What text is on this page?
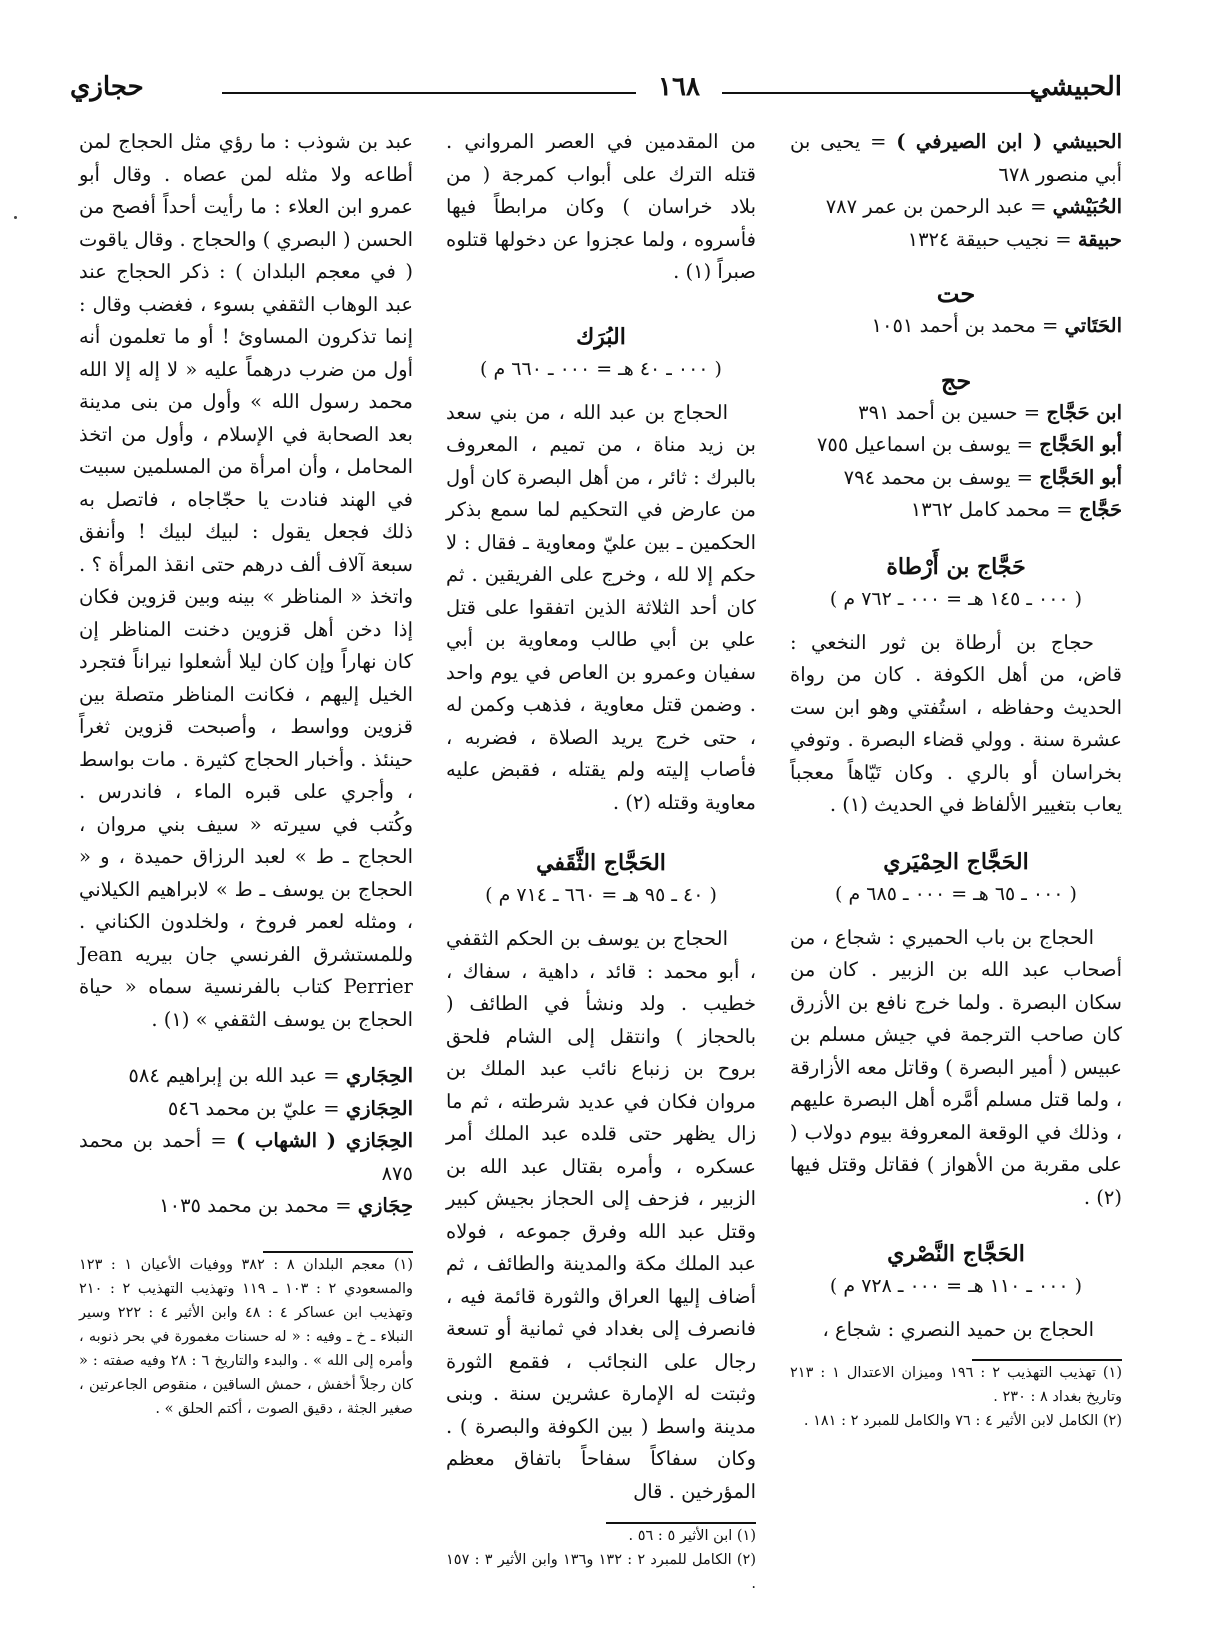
حجازي	١٦٨	الحبيشي

الحبيشي ( ابن الصيرفي ) = يحيى بن أبي منصور ٦٧٨

الحُبَيْشي = عبد الرحمن بن عمر ٧٨٧

حبيقة = نجيب حبيقة ١٣٢٤

حت

الحَتَاتي = محمد بن أحمد ١٠٥١

حج

ابن حَجَّاج = حسين بن أحمد ٣٩١

أبو الحَجَّاج = يوسف بن اسماعيل ٧٥٥

أبو الحَجَّاج = يوسف بن محمد ٧٩٤

حَجَّاج = محمد كامل ١٣٦٢

حَجَّاج بن أَرْطاة

( ٠٠٠ ـ ١٤٥ هـ = ٠٠٠ ـ ٧٦٢ م )

حجاج بن أرطاة بن ثور النخعي : قاض، من أهل الكوفة . كان من رواة الحديث وحفاظه ، استُفتي وهو ابن ست عشرة سنة . وولي قضاء البصرة . وتوفي بخراسان أو بالري . وكان تَيّاهاً معجباً يعاب بتغيير الألفاظ في الحديث (١) .

الحَجَّاج الحِمْيَري

( ٠٠٠ ـ ٦٥ هـ = ٠٠٠ ـ ٦٨٥ م )

الحجاج بن باب الحميري : شجاع ، من أصحاب عبد الله بن الزبير . كان من سكان البصرة . ولما خرج نافع بن الأزرق كان صاحب الترجمة في جيش مسلم بن عبيس ( أمير البصرة ) وقاتل معه الأزارقة ، ولما قتل مسلم أمَّره أهل البصرة عليهم ، وذلك في الوقعة المعروفة بيوم دولاب ( على مقربة من الأهواز ) فقاتل وقتل فيها (٢) .

الحَجَّاج النَّصْري

( ٠٠٠ ـ ١١٠ هـ = ٠٠٠ ـ ٧٢٨ م )

الحجاج بن حميد النصري : شجاع ،

(١) تهذيب التهذيب ٢ : ١٩٦ وميزان الاعتدال ١ : ٢١٣ وتاريخ بغداد ٨ : ٢٣٠ .

(٢) الكامل لابن الأثير ٤ : ٧٦ والكامل للمبرد ٢ : ١٨١ .

من المقدمين في العصر المرواني . قتله الترك على أبواب كمرجة ( من بلاد خراسان ) وكان مرابطاً فيها فأسروه ، ولما عجزوا عن دخولها قتلوه صبراً (١) .

البُرَك

( ٠٠٠ ـ ٤٠ هـ = ٠٠٠ ـ ٦٦٠ م )

الحجاج بن عبد الله ، من بني سعد بن زيد مناة ، من تميم ، المعروف بالبرك : ثائر ، من أهل البصرة كان أول من عارض في التحكيم لما سمع بذكر الحكمين ـ بين عليّ ومعاوية ـ فقال : لا حكم إلا لله ، وخرج على الفريقين . ثم كان أحد الثلاثة الذين اتفقوا على قتل علي بن أبي طالب ومعاوية بن أبي سفيان وعمرو بن العاص في يوم واحد . وضمن قتل معاوية ، فذهب وكمن له ، حتى خرج يريد الصلاة ، فضربه ، فأصاب إليته ولم يقتله ، فقبض عليه معاوية وقتله (٢) .

الحَجَّاج الثَّقَفي

( ٤٠ ـ ٩٥ هـ = ٦٦٠ ـ ٧١٤ م )

الحجاج بن يوسف بن الحكم الثقفي ، أبو محمد : قائد ، داهية ، سفاك ، خطيب . ولد ونشأ في الطائف ( بالحجاز ) وانتقل إلى الشام فلحق بروح بن زنباع نائب عبد الملك بن مروان فكان في عديد شرطته ، ثم ما زال يظهر حتى قلده عبد الملك أمر عسكره ، وأمره بقتال عبد الله بن الزبير ، فزحف إلى الحجاز بجيش كبير وقتل عبد الله وفرق جموعه ، فولاه عبد الملك مكة والمدينة والطائف ، ثم أضاف إليها العراق والثورة قائمة فيه ، فانصرف إلى بغداد في ثمانية أو تسعة رجال على النجائب ، فقمع الثورة وثبتت له الإمارة عشرين سنة . وبنى مدينة واسط ( بين الكوفة والبصرة ) . وكان سفاكاً سفاحاً باتفاق معظم المؤرخين . قال

(١) ابن الأثير ٥ : ٥٦ .

(٢) الكامل للمبرد ٢ : ١٣٢ و١٣٦ وابن الأثير ٣ : ١٥٧ .

عبد بن شوذب : ما رؤي مثل الحجاج لمن أطاعه ولا مثله لمن عصاه . وقال أبو عمرو ابن العلاء : ما رأيت أحداً أفصح من الحسن ( البصري ) والحجاج . وقال ياقوت ( في معجم البلدان ) : ذكر الحجاج عند عبد الوهاب الثقفي بسوء ، فغضب وقال : إنما تذكرون المساوئ ! أو ما تعلمون أنه أول من ضرب درهماً عليه « لا إله إلا الله محمد رسول الله » وأول من بنى مدينة بعد الصحابة في الإسلام ، وأول من اتخذ المحامل ، وأن امرأة من المسلمين سبيت في الهند فنادت يا حجّاجاه ، فاتصل به ذلك فجعل يقول : لبيك لبيك ! وأنفق سبعة آلاف ألف درهم حتى انقذ المرأة ؟ . واتخذ « المناظر » بينه وبين قزوين فكان إذا دخن أهل قزوين دخنت المناظر إن كان نهاراً وإن كان ليلا أشعلوا نيراناً فتجرد الخيل إليهم ، فكانت المناظر متصلة بين قزوين وواسط ، وأصبحت قزوين ثغراً حينئذ . وأخبار الحجاج كثيرة . مات بواسط ، وأجري على قبره الماء ، فاندرس . وكُتب في سيرته « سيف بني مروان ، الحجاج ـ ط » لعبد الرزاق حميدة ، و « الحجاج بن يوسف ـ ط » لابراهيم الكيلاني ، ومثله لعمر فروخ ، ولخلدون الكناني . وللمستشرق الفرنسي جان بيريه Jean Perrier كتاب بالفرنسية سماه « حياة الحجاج بن يوسف الثقفي » (١) .

الحِجَاري = عبد الله بن إبراهيم ٥٨٤

الحِجَازي = عليّ بن محمد ٥٤٦

الحِجَازي ( الشهاب ) = أحمد بن محمد ٨٧٥

حِجَازي = محمد بن محمد ١٠٣٥

(١) معجم البلدان ٨ : ٣٨٢ ووفيات الأعيان ١ : ١٢٣ والمسعودي ٢ : ١٠٣ ـ ١١٩ وتهذيب التهذيب ٢ : ٢١٠ وتهذيب ابن عساكر ٤ : ٤٨ وابن الأثير ٤ : ٢٢٢ وسير النبلاء ـ خ ـ وفيه : « له حسنات مغمورة في بحر ذنوبه ، وأمره إلى الله » . والبدء والتاريخ ٦ : ٢٨ وفيه صفته : « كان رجلاً أخفش ، حمش الساقين ، منقوص الجاعرتين ، صغير الجثة ، دقيق الصوت ، أكتم الحلق » .
